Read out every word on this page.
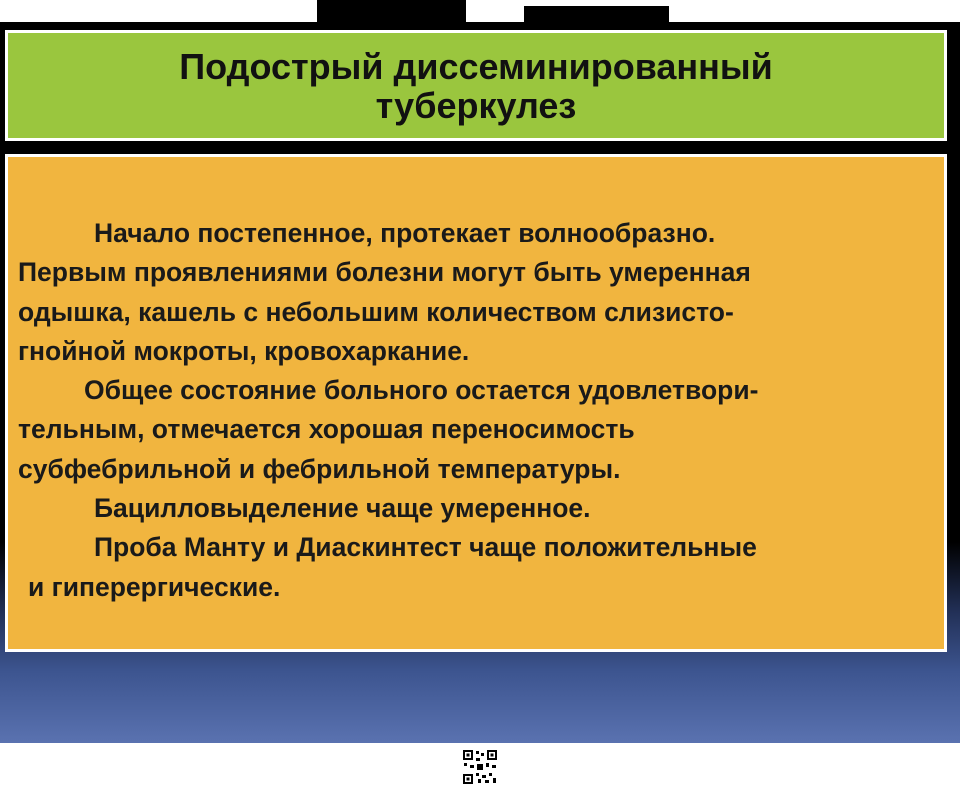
Подострый диссеминированный
туберкулез
Начало постепенное, протекает волнообразно.
Первым проявлениями болезни могут быть умеренная
одышка, кашель с небольшим количеством слизисто-
гнойной мокроты, кровохаркание.
Общее состояние больного остается удовлетвори-
тельным, отмечается хорошая переносимость
субфебрильной и фебрильной температуры.
Бацилловыделение чаще умеренное.
Проба Манту и Диаскинтест чаще положительные
и гиперергические.
